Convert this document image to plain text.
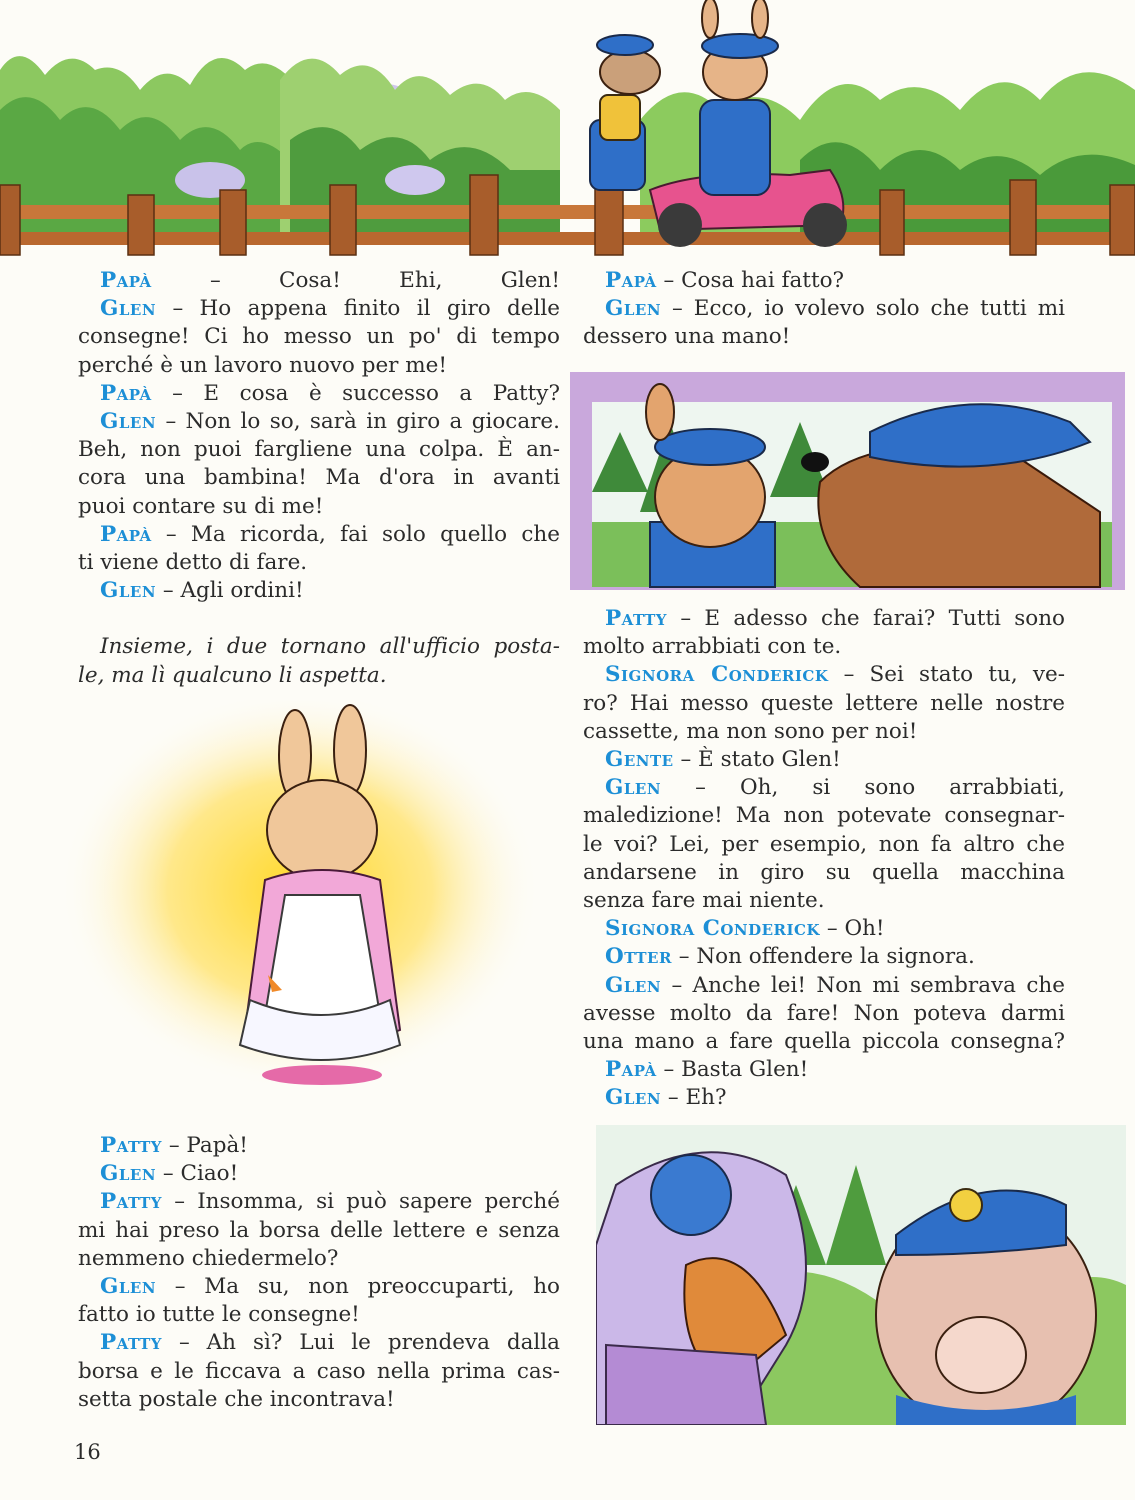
Papà	– Cosa! Ehi, Glen!
Glen – Ho appena finito il giro delle
consegne! Ci ho messo un po' di tempo
perché è un lavoro nuovo per me!
Papà – E cosa è successo a Patty?
Glen – Non lo so, sarà in giro a giocare.
Beh, non puoi fargliene una colpa. È an-
cora una bambina! Ma d'ora in avanti
puoi contare su di me!
Papà – Ma ricorda, fai solo quello che
ti viene detto di fare.
Glen – Agli ordini!
Insieme, i due tornano all'ufficio posta-
le, ma lì qualcuno li aspetta.
Patty – Papà!
Glen – Ciao!
Patty – Insomma, si può sapere perché
mi hai preso la borsa delle lettere e senza
nemmeno chiedermelo?
Glen – Ma su, non preoccuparti, ho
fatto io tutte le consegne!
Patty – Ah sì? Lui le prendeva dalla
borsa e le ficcava a caso nella prima cas-
setta postale che incontrava!
Papà – Cosa hai fatto?
Glen – Ecco, io volevo solo che tutti mi
dessero una mano!
Patty – E adesso che farai? Tutti sono
molto arrabbiati con te.
Signora Conderick – Sei stato tu, ve-
ro? Hai messo queste lettere nelle nostre
cassette, ma non sono per noi!
Gente – È stato Glen!
Glen – Oh, si sono arrabbiati,
maledizione! Ma non potevate consegnar-
le voi? Lei, per esempio, non fa altro che
andarsene in giro su quella macchina
senza fare mai niente.
Signora Conderick – Oh!
Otter – Non offendere la signora.
Glen – Anche lei! Non mi sembrava che
avesse molto da fare! Non poteva darmi
una mano a fare quella piccola consegna?
Papà – Basta Glen!
Glen – Eh?
16
